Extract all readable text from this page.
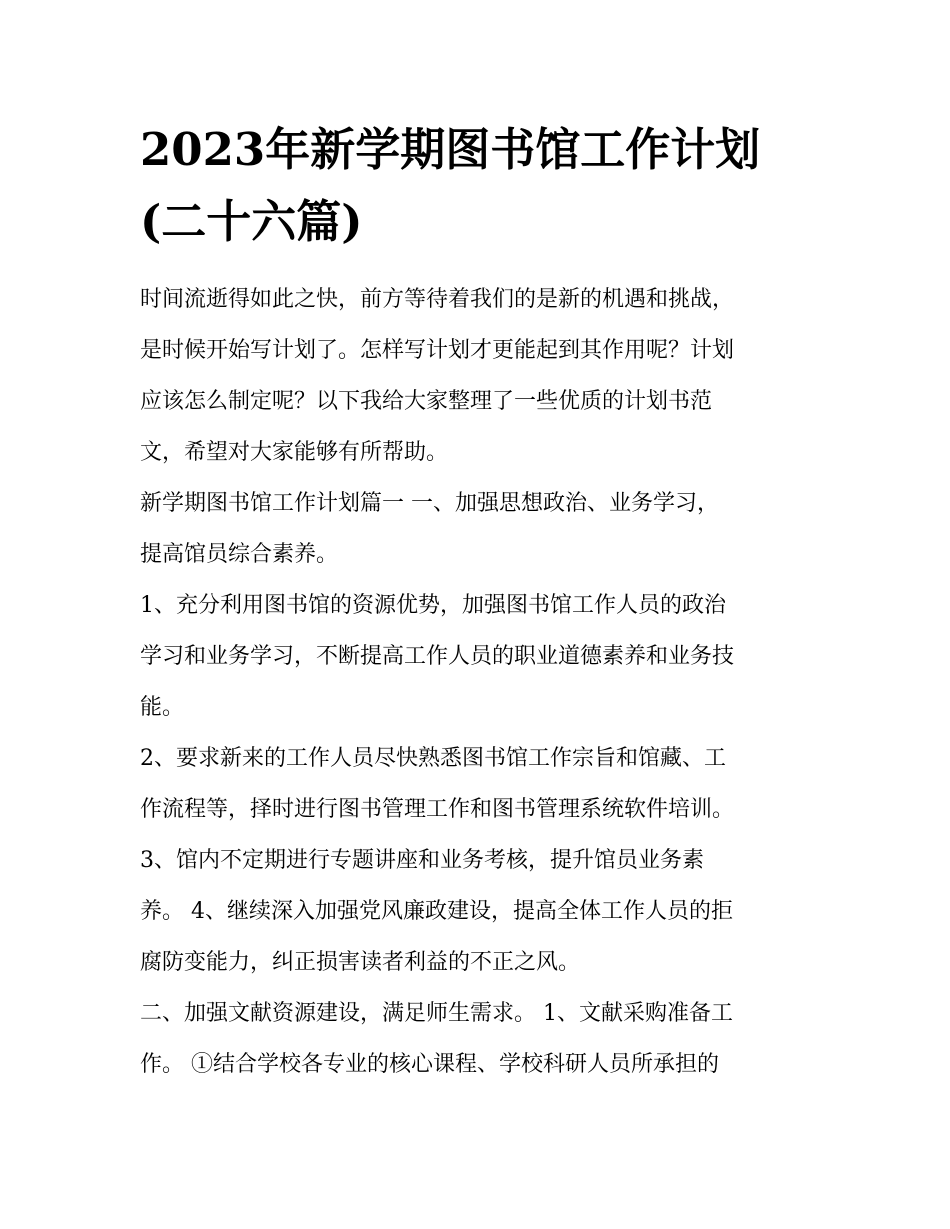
2023年新学期图书馆工作计划
(二十六篇)
时间流逝得如此之快，前方等待着我们的是新的机遇和挑战，
是时候开始写计划了。怎样写计划才更能起到其作用呢？计划
应该怎么制定呢？以下我给大家整理了一些优质的计划书范
文，希望对大家能够有所帮助。
新学期图书馆工作计划篇一 一、加强思想政治、业务学习，
提高馆员综合素养。
1、充分利用图书馆的资源优势，加强图书馆工作人员的政治
学习和业务学习，不断提高工作人员的职业道德素养和业务技
能。
2、要求新来的工作人员尽快熟悉图书馆工作宗旨和馆藏、工
作流程等，择时进行图书管理工作和图书管理系统软件培训。
3、馆内不定期进行专题讲座和业务考核，提升馆员业务素
养。 4、继续深入加强党风廉政建设，提高全体工作人员的拒
腐防变能力，纠正损害读者利益的不正之风。
二、加强文献资源建设，满足师生需求。 1、文献采购准备工
作。 ①结合学校各专业的核心课程、学校科研人员所承担的
